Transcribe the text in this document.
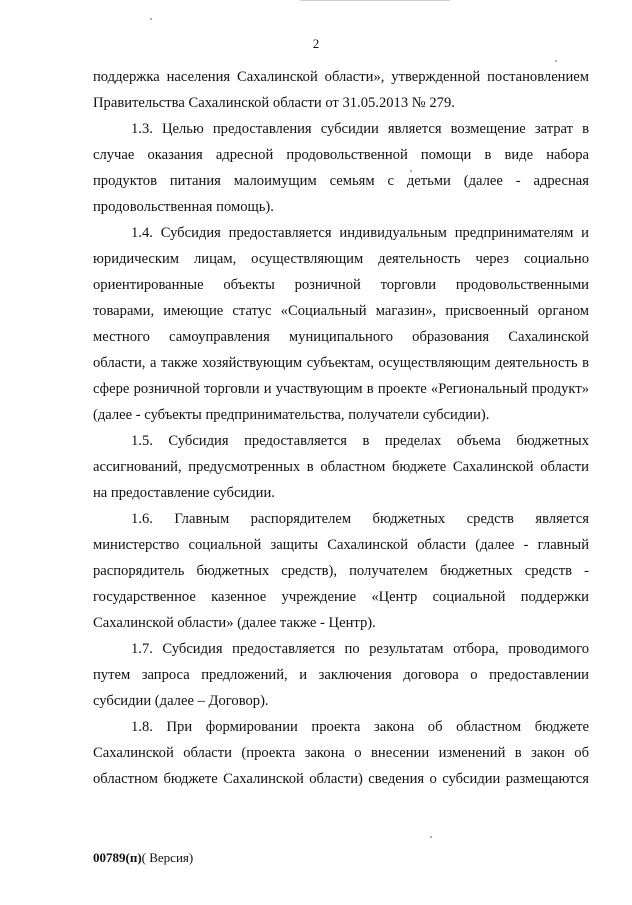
2
поддержка населения Сахалинской области», утвержденной постановлением
Правительства Сахалинской области от 31.05.2013 № 279.
1.3. Целью предоставления субсидии является возмещение затрат в
случае оказания адресной продовольственной помощи в виде набора
продуктов питания малоимущим семьям с детьми (далее - адресная
продовольственная помощь).
1.4. Субсидия предоставляется индивидуальным предпринимателям и
юридическим лицам, осуществляющим деятельность через социально
ориентированные объекты розничной торговли продовольственными
товарами, имеющие статус «Социальный магазин», присвоенный органом
местного самоуправления муниципального образования Сахалинской
области, а также хозяйствующим субъектам, осуществляющим деятельность в
сфере розничной торговли и участвующим в проекте «Региональный продукт»
(далее - субъекты предпринимательства, получатели субсидии).
1.5. Субсидия предоставляется в пределах объема бюджетных
ассигнований, предусмотренных в областном бюджете Сахалинской области
на предоставление субсидии.
1.6. Главным распорядителем бюджетных средств является
министерство социальной защиты Сахалинской области (далее - главный
распорядитель бюджетных средств), получателем бюджетных средств -
государственное казенное учреждение «Центр социальной поддержки
Сахалинской области» (далее также - Центр).
1.7. Субсидия предоставляется по результатам отбора, проводимого
путем запроса предложений, и заключения договора о предоставлении
субсидии (далее – Договор).
1.8. При формировании проекта закона об областном бюджете
Сахалинской области (проекта закона о внесении изменений в закон об
областном бюджете Сахалинской области) сведения о субсидии размещаются
00789(п)( Версия)
